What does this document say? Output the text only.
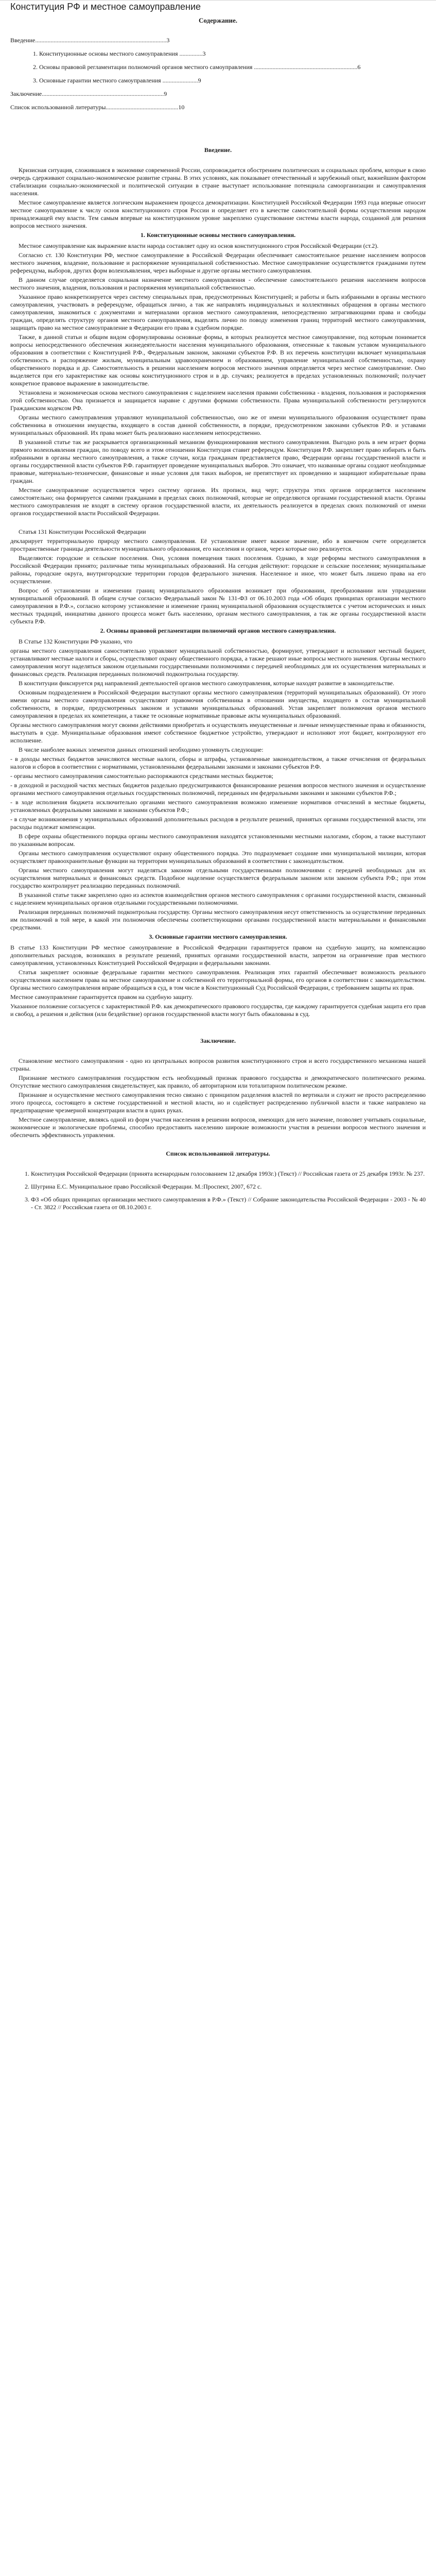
Конституция РФ и местное самоуправление
Содержание.

Введение.....................................................................................3

1. Конституционные основы местного самоуправления ...............3

2. Основы правовой регламентации полномочий органов местного самоуправления ...................................................................6

3. Основные гарантии местного самоуправления .......................9

Заключение...............................................................................9

Список использованной литературы...............................................10

Введение.

Кризисная ситуация, сложившаяся в экономике современной России, сопровождается обострением политических и социальных проблем, которые в свою очередь сдерживают социально-экономическое развитие страны. В этих условиях, как показывает отечественный и зарубежный опыт, важнейшим фактором стабилизации социально-экономической и политической ситуации в стране выступает использование потенциала самоорганизации и самоуправления населения.

Местное самоуправление является логическим выражением процесса демократизации. Конституцией Российской Федерации 1993 года впервые относит местное самоуправление к числу основ конституционного строя России и определяет его в качестве самостоятельной формы осуществления народом принадлежащей ему власти. Тем самым впервые на конституционном уровне закреплено существование системы власти народа, созданной для решения вопросов местного значения.

1. Конституционные основы местного самоуправления.

Местное самоуправление как выражение власти народа составляет одну из основ конституционного строя Российской Федерации (ст.2).

Согласно ст. 130 Конституции РФ, местное самоуправление в Российской Федерации обеспечивает самостоятельное решение населением вопросов местного значения, владение, пользование и распоряжение муниципальной собственностью. Местное самоуправление осуществляется гражданами путем референдума, выборов, других форм волеизъявления, через выборные и другие органы местного самоуправления.

В данном случае определяется социальная назначение местного самоуправления - обеспечение самостоятельного решения населением вопросов местного значения, владения, пользования и распоряжения муниципальной собственностью.

Указанное право конкретизируется через систему специальных прав, предусмотренных Конституцией; и работы и быть избранными в органы местного самоуправления, участвовать в референдуме, обращаться лично, а так же направлять индивидуальных и коллективных обращения в органы местного самоуправления, знакомиться с документами и материалами органов местного самоуправления, непосредственно затрагивающими права и свободы граждан, определять структуру органов местного самоуправления, выделять лично по поводу изменения границ территорий местного самоуправления, защищать право на местное самоуправление в Федерации его права в судебном порядке.

Также, в данной статьи и общим видом сформулированы основные формы, в которых реализуется местное самоуправление, под которым понимается вопросы непосредственного обеспечения жизнедеятельности населения муниципального образования, отнесенные к таковым уставом муниципального образования в соответствии с Конституцией Р.Ф., Федеральным законом, законами субъектов Р.Ф. В их перечень конституции включает муниципальная собственность и распоряжение жилым, муниципальным здравоохранением и образованием, управление муниципальной собственностью, охрану общественного порядка и др. Самостоятельность в решении населением вопросов местного значения определяется через местное самоуправление. Оно выделяется при его характеристике как основы конституционного строя и в др. случаях; реализуется в пределах установленных полномочий; получает конкретное правовое выражение в законодательстве.

Установлена и экономическая основа местного самоуправления с наделением населения правами собственника - владения, пользования и распоряжения этой собственностью. Она признается и защищается наравне с другими формами собственности. Права муниципальной собственности регулируются Гражданским кодексом РФ.

Органы местного самоуправления управляют муниципальной собственностью, оно же от имени муниципального образования осуществляет права собственника в отношении имущества, входящего в состав данной собственности, в порядке, предусмотренном законами субъектов Р.Ф. и уставами муниципальных образований. Их права может быть реализовано населением непосредственно.

В указанной статье так же раскрывается организационный механизм функционирования местного самоуправления. Выгодно роль в нем играет форма прямого волеизъявления граждан, по поводу всего и этом отношении Конституция ставит референдум. Конституция Р.Ф. закрепляет право избирать и быть избранными в органы местного самоуправления, а также случаи, когда гражданам представляется право, Федерации органы государственной власти и органы государственной власти субъектов Р.Ф. гарантирует проведение муниципальных выборов. Это означает, что названные органы создают необходимые правовые, материально-технические, финансовые и иные условия для таких выборов, не препятствует их проведению и защищают избирательные права граждан.

Местное самоуправление осуществляется через систему органов. Их прописи, вид черт; структура этих органов определяется населением самостоятельно; она формируется самими гражданами в пределах своих полномочий, которые не определяются органами государственной власти. Органы местного самоуправления не входят в систему органов государственной власти, их деятельность реализуется в пределах своих полномочий от имени органов государственной власти Российской Федерации.

Статья 131 Конституции Российской Федерации

декларирует территориальную природу местного самоуправления. Её установление имеет важное значение, ибо в конечном счете определяется пространственные границы деятельности муниципального образования, его населения и органов, через которые оно реализуется.

Выделяются: городские и сельские поселения. Они, условия помещения таких поселения. Однако, в ходе реформы местного самоуправления в Российской Федерации принято; различные типы муниципальных образований. На сегодня действуют: городские и сельские поселения; муниципальные районы, городские округа, внутригородские территории городов федерального значения. Населенное и иное, что может быть лишено права на его осуществление.

Вопрос об установлении и изменении границ муниципального образования возникает при образовании, преобразовании или упразднении муниципальной образований. В общем случае согласно Федеральный закон № 131-ФЗ от 06.10.2003 года «Об общих принципах организации местного самоуправления в Р.Ф.», согласно которому установление и изменение границ муниципальной образования осуществляется с учетом исторических и иных местных традиций, инициатива данного процесса может быть населению, органам местного самоуправления, а так же органы государственной власти субъекта Р.Ф.

2. Основы правовой регламентации полномочий органов местного самоуправления.

В Статье 132 Конституции РФ указано, что

органы местного самоуправления самостоятельно управляют муниципальной собственностью, формируют, утверждают и исполняют местный бюджет, устанавливают местные налоги и сборы, осуществляют охрану общественного порядка, а также решают иные вопросы местного значения. Органы местного самоуправления могут наделяться законом отдельными государственными полномочиями с передачей необходимых для их осуществления материальных и финансовых средств. Реализация переданных полномочий подконтрольна государству.

В конституции фиксируется ряд направлений деятельностей органов местного самоуправления, которые находят развитие в законодательстве.

Основным подразделением в Российской Федерации выступают органы местного самоуправления (территорий муниципальных образований). От этого имени органы местного самоуправления осуществляют правомочия собственника в отношении имущества, входящего в состав муниципальной собственности, в порядке, предусмотренных законом и уставами муниципальных образований. Устав закрепляет полномочия органов местного самоуправления в пределах их компетенции, а также те основные нормативные правовые акты муниципальных образований.

Органы местного самоуправления могут своими действиями приобретать и осуществлять имущественные и личные неимущественные права и обязанности, выступать в суде. Муниципальные образования имеют собственное бюджетное устройство, утверждают и исполняют этот бюджет, контролируют его исполнение.

В числе наиболее важных элементов данных отношений необходимо упомянуть следующие:

- в доходы местных бюджетов зачисляются местные налоги, сборы и штрафы, установленные законодательством, а также отчисления от федеральных налогов и сборов в соответствии с нормативами, установленными федеральными законами и законами субъектов Р.Ф.

- органы местного самоуправления самостоятельно распоряжаются средствами местных бюджетов;

- в доходной и расходной частях местных бюджетов раздельно предусматриваются финансирование решения вопросов местного значения и осуществление органами местного самоуправления отдельных государственных полномочий, переданных им федеральными законами и законами субъектов Р.Ф.;

- в ходе исполнения бюджета исключительно органами местного самоуправления возможно изменение нормативов отчислений в местные бюджеты, установленных федеральными законами и законами субъектов Р.Ф.;

- в случае возникновения у муниципальных образований дополнительных расходов в результате решений, принятых органами государственной власти, эти расходы подлежат компенсации.

В сфере охраны общественного порядка органы местного самоуправления находятся установленными местными налогами, сбором, а также выступают по указанным вопросам.

Органы местного самоуправления осуществляют охрану общественного порядка. Это подразумевает создание ими муниципальной милиции, которая осуществляет правоохранительные функции на территории муниципальных образований в соответствии с законодательством.

Органы местного самоуправления могут наделяться законом отдельными государственными полномочиями с передачей необходимых для их осуществления материальных и финансовых средств. Подобное наделение осуществляется федеральным законом или законом субъекта Р.Ф.; при этом государство контролирует реализацию переданных полномочий.

В указанной статье также закреплено одно из аспектов взаимодействия органов местного самоуправления с органами государственной власти, связанный с наделением муниципальных органов отдельными государственными полномочиями.

Реализация переданных полномочий подконтрольна государству. Органы местного самоуправления несут ответственность за осуществление переданных им полномочий в той мере, в какой эти полномочия обеспечены соответствующими органами государственной власти материальными и финансовыми средствами.

3. Основные гарантии местного самоуправления.

В статье 133 Конституции РФ местное самоуправление в Российской Федерации гарантируется правом на судебную защиту, на компенсацию дополнительных расходов, возникших в результате решений, принятых органами государственной власти, запретом на ограничение прав местного самоуправления, установленных Конституцией Российской Федерации и федеральными законами.

Статья закрепляет основные федеральные гарантии местного самоуправления. Реализация этих гарантий обеспечивает возможность реального осуществления населением права на местное самоуправление и собственной его территориальной формы, его органов в соответствии с законодательством. Органы местного самоуправления вправе обращаться в суд, в том числе в Конституционный Суд Российской Федерации, с требованием защиты их прав.

Местное самоуправление гарантируется правом на судебную защиту.

Указанное положение согласуется с характеристикой Р.Ф. как демократического правового государства, где каждому гарантируется судебная защита его прав и свобод, а решения и действия (или бездействие) органов государственной власти могут быть обжалованы в суд.

Заключение.

Становление местного самоуправления - одно из центральных вопросов развития конституционного строя и всего государственного механизма нашей страны.

Признание местного самоуправления государством есть необходимый признак правового государства и демократического политического режима. Отсутствие местного самоуправления свидетельствует, как правило, об авторитарном или тоталитарном политическом режиме.

Признание и осуществление местного самоуправления тесно связано с принципом разделения властей по вертикали и служит не просто распределению этого процесса, состоящего в системе государственной и местной власти, но и содействует распределению публичной власти и также направлено на предотвращение чрезмерной концентрации власти в одних руках.

Местное самоуправление, являясь одной из форм участия населения в решении вопросов, имеющих для него значение, позволяет учитывать социальные, экономические и экологические проблемы, способно предоставить населению широкие возможности участия в решении вопросов местного значения и обеспечить эффективность управления.

Список использованной литературы.
1. Конституция Российской Федерации (принята всенародным голосованием 12 декабря 1993г.) (Текст) // Российская газета от 25 декабря 1993г. № 237.
2. Шугрина Е.С. Муниципальное право Российской Федерации. М.:Проспект, 2007, 672 с.
3. ФЗ «Об общих принципах организации местного самоуправления в Р.Ф.» (Текст) // Собрание законодательства Российской Федерации - 2003 - № 40 - Ст. 3822 // Российская газета от 08.10.2003 г.
